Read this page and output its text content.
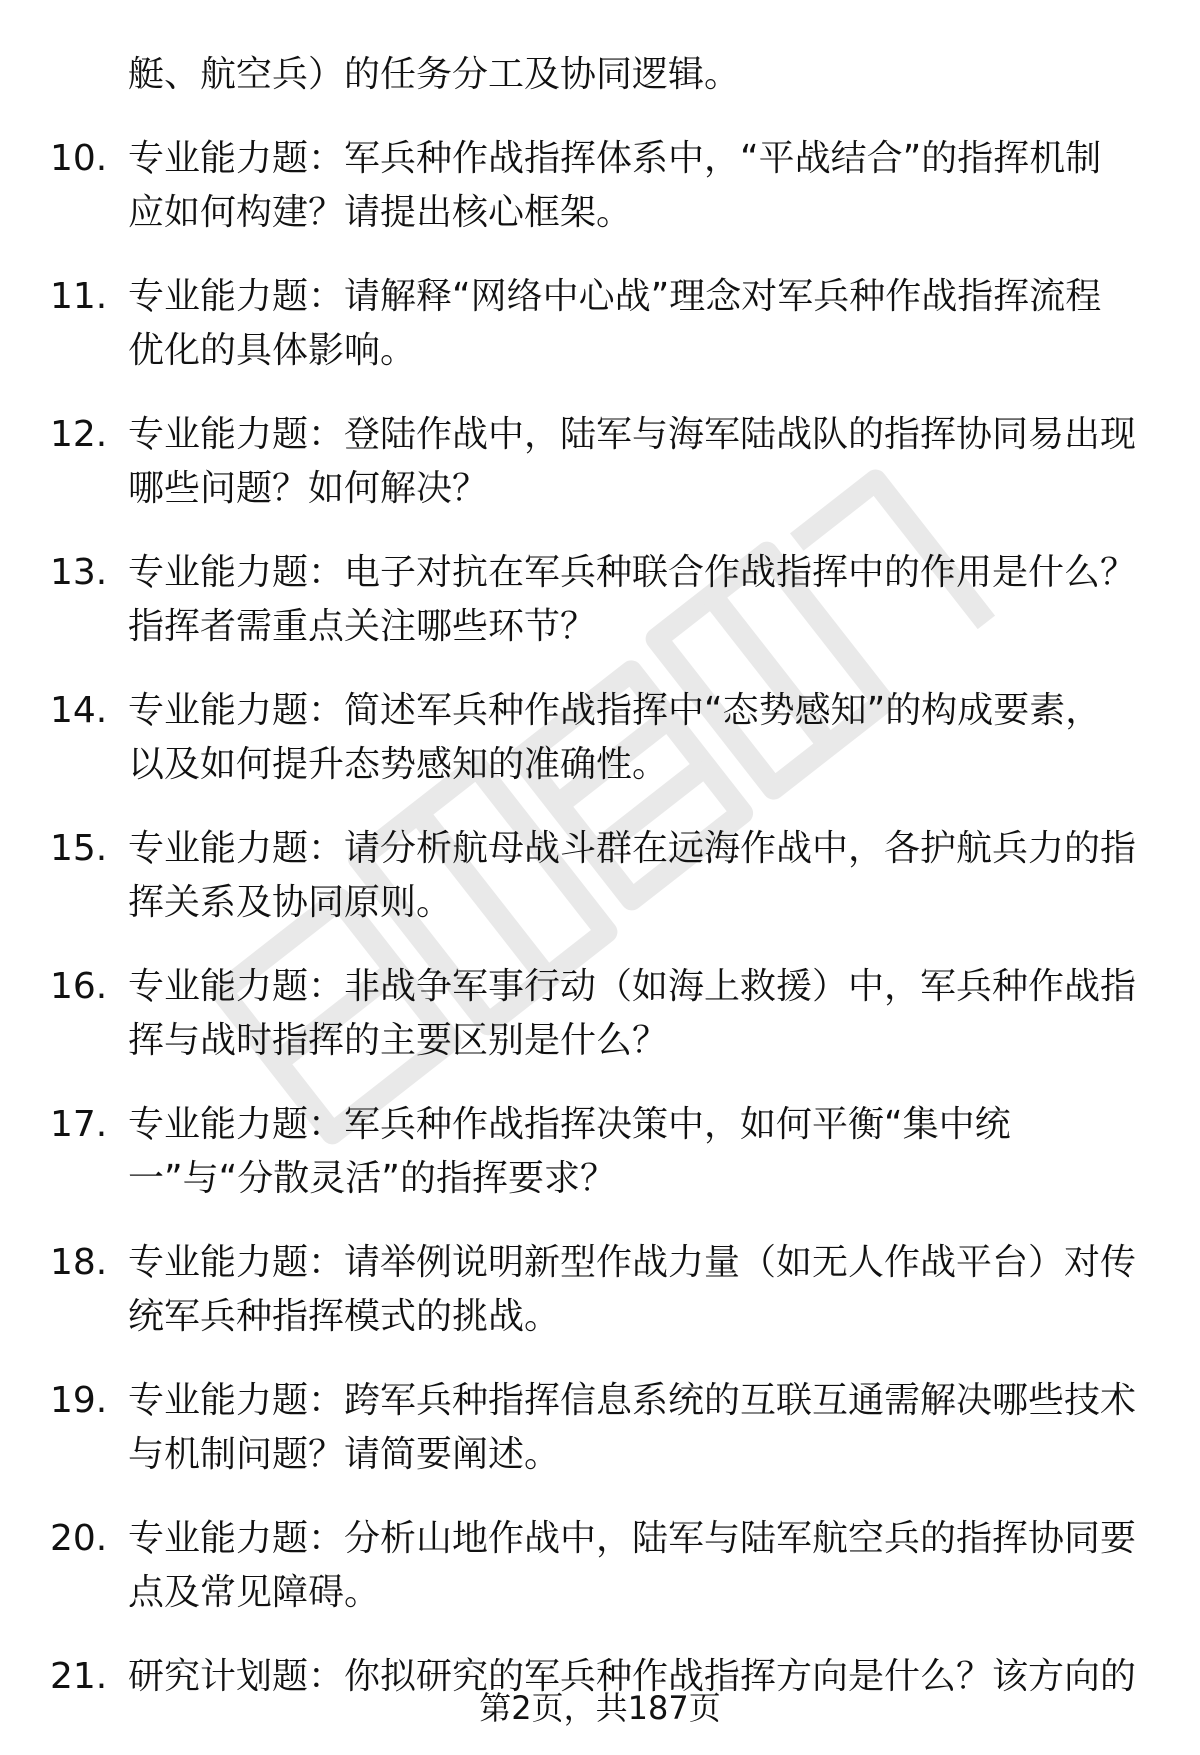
艇、航空兵）的任务分工及协同逻辑。
10. 专业能力题：军兵种作战指挥体系中，“平战结合”的指挥机制
应如何构建？请提出核心框架。
11. 专业能力题：请解释“网络中心战”理念对军兵种作战指挥流程
优化的具体影响。
12. 专业能力题：登陆作战中，陆军与海军陆战队的指挥协同易出现
哪些问题？如何解决？
13. 专业能力题：电子对抗在军兵种联合作战指挥中的作用是什么？
指挥者需重点关注哪些环节？
14. 专业能力题：简述军兵种作战指挥中“态势感知”的构成要素，
以及如何提升态势感知的准确性。
15. 专业能力题：请分析航母战斗群在远海作战中，各护航兵力的指
挥关系及协同原则。
16. 专业能力题：非战争军事行动（如海上救援）中，军兵种作战指
挥与战时指挥的主要区别是什么？
17. 专业能力题：军兵种作战指挥决策中，如何平衡“集中统
一”与“分散灵活”的指挥要求？
18. 专业能力题：请举例说明新型作战力量（如无人作战平台）对传
统军兵种指挥模式的挑战。
19. 专业能力题：跨军兵种指挥信息系统的互联互通需解决哪些技术
与机制问题？请简要阐述。
20. 专业能力题：分析山地作战中，陆军与陆军航空兵的指挥协同要
点及常见障碍。
21. 研究计划题：你拟研究的军兵种作战指挥方向是什么？该方向的
第2页，共187页
